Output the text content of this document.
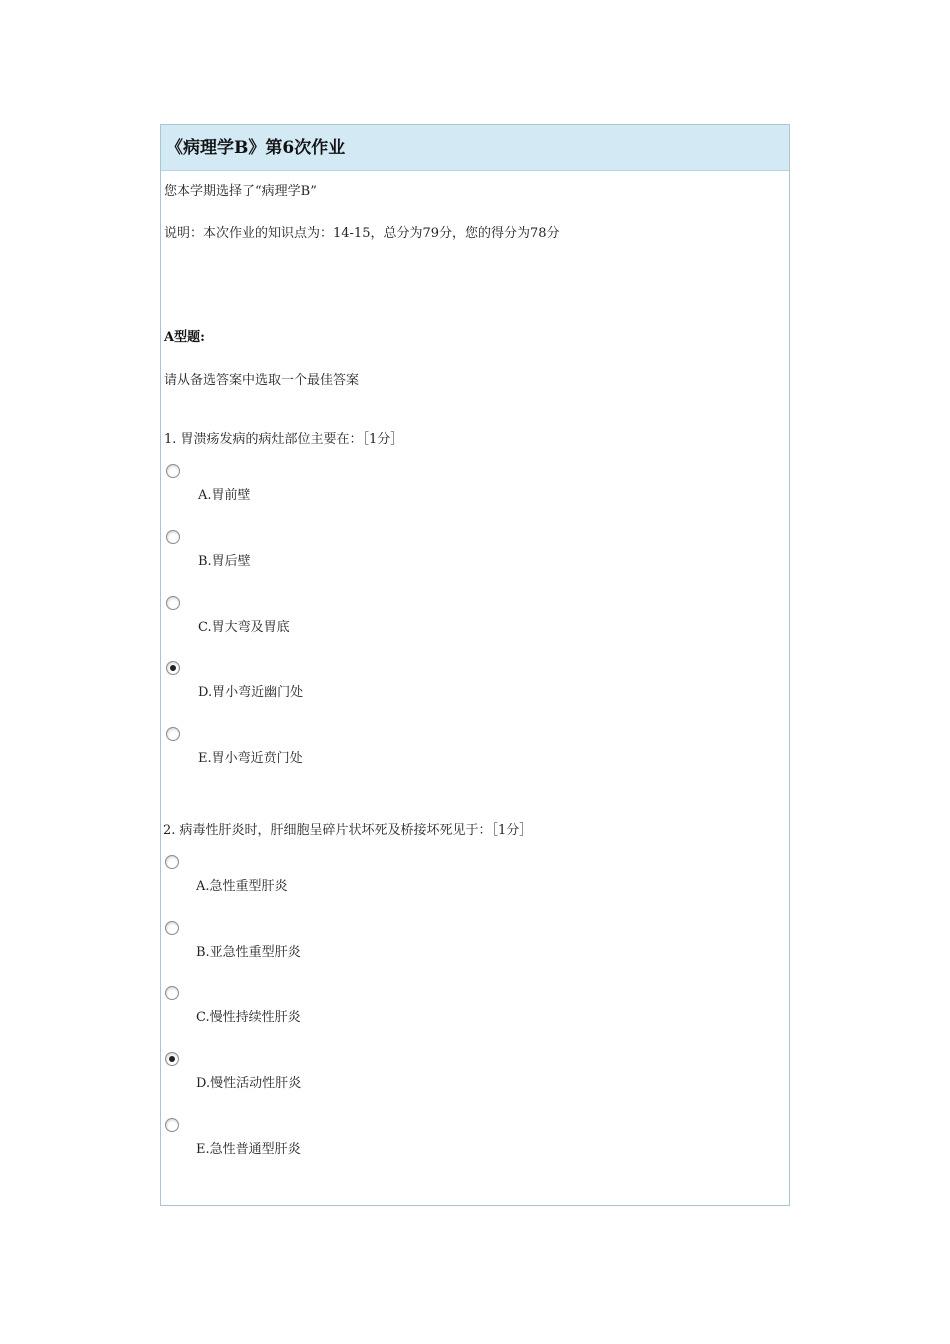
《病理学B》第6次作业
您本学期选择了“病理学B”
说明：本次作业的知识点为：14-15，总分为79分，您的得分为78分
A型题:
请从备选答案中选取一个最佳答案
1. 胃溃疡发病的病灶部位主要在：［1分］
A.胃前壁
B.胃后壁
C.胃大弯及胃底
D.胃小弯近幽门处
E.胃小弯近贲门处
2. 病毒性肝炎时，肝细胞呈碎片状坏死及桥接坏死见于：［1分］
A.急性重型肝炎
B.亚急性重型肝炎
C.慢性持续性肝炎
D.慢性活动性肝炎
E.急性普通型肝炎
